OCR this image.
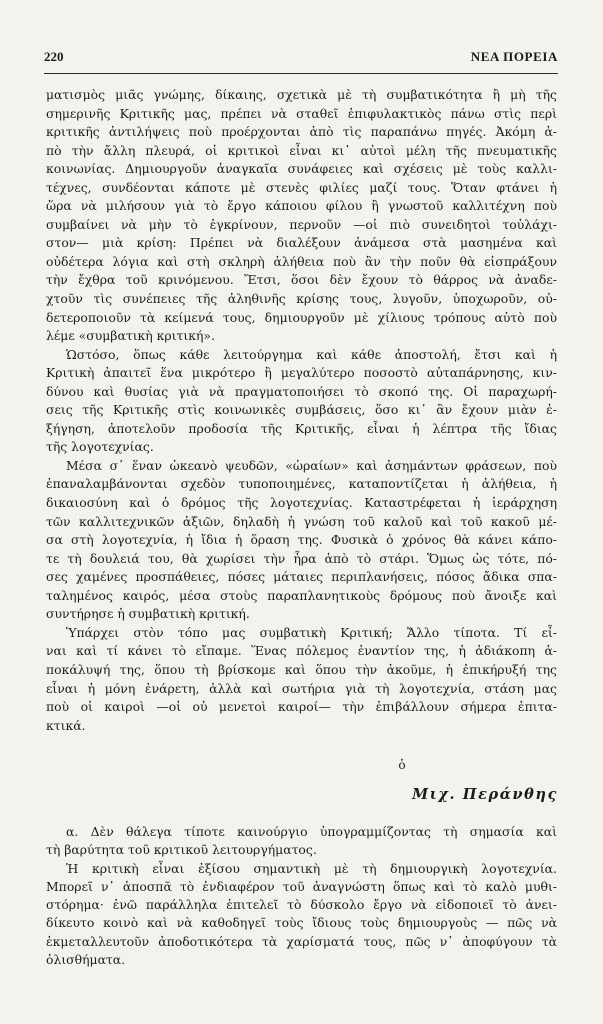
220	ΝΕΑ ΠΟΡΕΙΑ
ματισμὸς μιᾶς γνώμης, δίκαιης, σχετικὰ μὲ τὴ συμβατικότητα ἢ μὴ τῆς
σημερινῆς Κριτικῆς μας, πρέπει νὰ σταθεῖ ἐπιφυλακτικὸς πάνω στὶς περὶ
κριτικῆς ἀντιλήψεις ποὺ προέρχονται ἀπὸ τὶς παραπάνω πηγές. Ἀκόμη ἀ-
πὸ τὴν ἄλλη πλευρά, οἱ κριτικοὶ εἶναι κι᾽ αὐτοὶ μέλη τῆς πνευματικῆς
κοινωνίας. Δημιουργοῦν ἀναγκαῖα συνάφειες καὶ σχέσεις μὲ τοὺς καλλι-
τέχνες, συνδέονται κάποτε μὲ στενὲς φιλίες μαζί τους. Ὅταν φτάνει ἡ
ὥρα νὰ μιλήσουν γιὰ τὸ ἔργο κάποιου φίλου ἢ γνωστοῦ καλλιτέχνη ποὺ
συμβαίνει νὰ μὴν τὸ ἐγκρίνουν, περνοῦν —οἱ πιὸ συνειδητοὶ τοὐλάχι-
στον— μιὰ κρίση: Πρέπει νὰ διαλέξουν ἀνάμεσα στὰ μασημένα καὶ
οὐδέτερα λόγια καὶ στὴ σκληρὴ ἀλήθεια ποὺ ἂν τὴν ποῦν θὰ εἰσπράξουν
τὴν ἔχθρα τοῦ κρινόμενου. Ἔτσι, ὅσοι δὲν ἔχουν τὸ θάρρος νὰ ἀναδε-
χτοῦν τὶς συνέπειες τῆς ἀληθινῆς κρίσης τους, λυγοῦν, ὑποχωροῦν, οὐ-
δετεροποιοῦν τὰ κείμενά τους, δημιουργοῦν μὲ χίλιους τρόπους αὐτὸ ποὺ
λέμε «συμβατικὴ κριτική».
Ὡστόσο, ὅπως κάθε λειτούργημα καὶ κάθε ἀποστολή, ἔτσι καὶ ἡ
Κριτικὴ ἀπαιτεῖ ἕνα μικρότερο ἢ μεγαλύτερο ποσοστὸ αὐταπάρνησης, κιν-
δύνου καὶ θυσίας γιὰ νὰ πραγματοποιήσει τὸ σκοπό της. Οἱ παραχωρή-
σεις τῆς Κριτικῆς στὶς κοινωνικὲς συμβάσεις, ὅσο κι᾽ ἂν ἔχουν μιὰν ἐ-
ξήγηση, ἀποτελοῦν προδοσία τῆς Κριτικῆς, εἶναι ἡ λέπτρα τῆς ἴδιας
τῆς λογοτεχνίας.
Μέσα σ᾽ ἕναν ὠκεανὸ ψευδῶν, «ὡραίων» καὶ ἀσημάντων φράσεων, ποὺ
ἐπαναλαμβάνονται σχεδὸν τυποποιημένες, καταποντίζεται ἡ ἀλήθεια, ἡ
δικαιοσύνη καὶ ὁ δρόμος τῆς λογοτεχνίας. Καταστρέφεται ἡ ἱεράρχηση
τῶν καλλιτεχνικῶν ἀξιῶν, δηλαδὴ ἡ γνώση τοῦ καλοῦ καὶ τοῦ κακοῦ μέ-
σα στὴ λογοτεχνία, ἡ ἴδια ἡ ὅραση της. Φυσικὰ ὁ χρόνος θὰ κάνει κάπο-
τε τὴ δουλειά του, θὰ χωρίσει τὴν ἦρα ἀπὸ τὸ στάρι. Ὅμως ὡς τότε, πό-
σες χαμένες προσπάθειες, πόσες μάταιες περιπλανήσεις, πόσος ἄδικα σπα-
ταλημένος καιρός, μέσα στοὺς παραπλανητικοὺς δρόμους ποὺ ἄνοιξε καὶ
συντήρησε ἡ συμβατικὴ κριτική.
Ὑπάρχει στὸν τόπο μας συμβατικὴ Κριτική; Ἄλλο τίποτα. Τί εἶ-
ναι καὶ τί κάνει τὸ εἴπαμε. Ἕνας πόλεμος ἐναντίον της, ἡ ἀδιάκοπη ἀ-
ποκάλυψή της, ὅπου τὴ βρίσκομε καὶ ὅπου τὴν ἀκοῦμε, ἡ ἐπικήρυξή της
εἶναι ἡ μόνη ἐνάρετη, ἀλλὰ καὶ σωτήρια γιὰ τὴ λογοτεχνία, στάση μας
ποὺ οἱ καιροὶ —οἱ οὐ μενετοὶ καιροί— τὴν ἐπιβάλλουν σήμερα ἐπιτα-
κτικά.
ὁ
Μιχ. Περάνθης
α. Δὲν θάλεγα τίποτε καινούργιο ὑπογραμμίζοντας τὴ σημασία καὶ
τὴ βαρύτητα τοῦ κριτικοῦ λειτουργήματος.
Ἡ κριτικὴ εἶναι ἐξίσου σημαντικὴ μὲ τὴ δημιουργικὴ λογοτεχνία.
Μπορεῖ ν᾽ ἀποσπᾶ τὸ ἐνδιαφέρον τοῦ ἀναγνώστη ὅπως καὶ τὸ καλὸ μυθι-
στόρημα· ἐνῶ παράλληλα ἐπιτελεῖ τὸ δύσκολο ἔργο νὰ εἰδοποιεῖ τὸ ἀνει-
δίκευτο κοινὸ καὶ νὰ καθοδηγεῖ τοὺς ἴδιους τοὺς δημιουργοὺς — πῶς νὰ
ἐκμεταλλευτοῦν ἀποδοτικότερα τὰ χαρίσματά τους, πῶς ν᾽ ἀποφύγουν τὰ
ὀλισθήματα.
